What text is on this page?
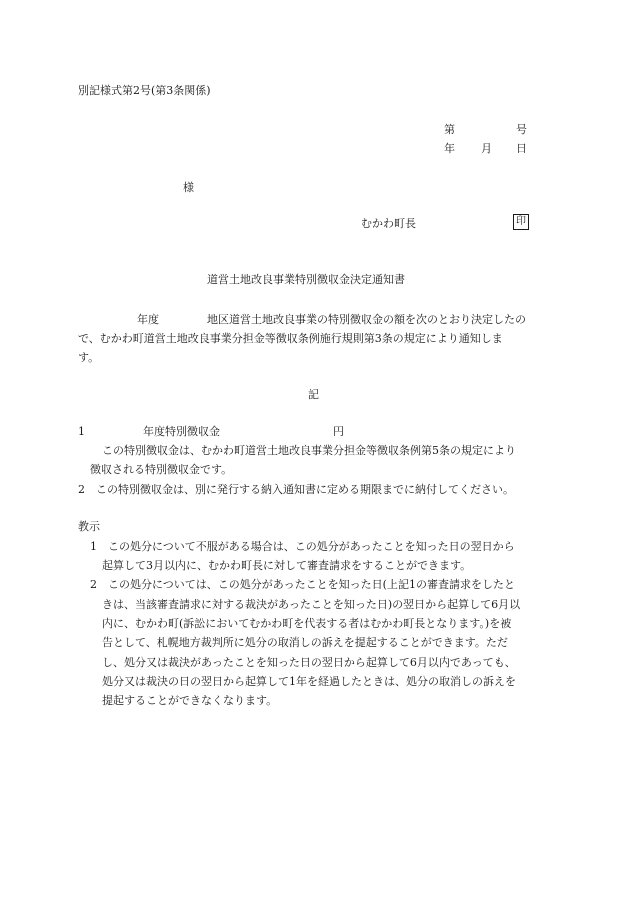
別記様式第2号(第3条関係)
第	号
年 月 日
様
むかわ町長	印
道営土地改良事業特別徴収金決定通知書
年度	地区道営土地改良事業の特別徴収金の額を次のとおり決定したの
で、むかわ町道営土地改良事業分担金等徴収条例施行規則第3条の規定により通知しま
す。
記
1	年度特別徴収金	円
この特別徴収金は、むかわ町道営土地改良事業分担金等徴収条例第5条の規定により
徴収される特別徴収金です。
2　この特別徴収金は、別に発行する納入通知書に定める期限までに納付してください。
教示
1　この処分について不服がある場合は、この処分があったことを知った日の翌日から
起算して3月以内に、むかわ町長に対して審査請求をすることができます。
2　この処分については、この処分があったことを知った日(上記1の審査請求をしたと
きは、当該審査請求に対する裁決があったことを知った日)の翌日から起算して6月以
内に、むかわ町(訴訟においてむかわ町を代表する者はむかわ町長となります。)を被
告として、札幌地方裁判所に処分の取消しの訴えを提起することができます。ただ
し、処分又は裁決があったことを知った日の翌日から起算して6月以内であっても、
処分又は裁決の日の翌日から起算して1年を経過したときは、処分の取消しの訴えを
提起することができなくなります。
